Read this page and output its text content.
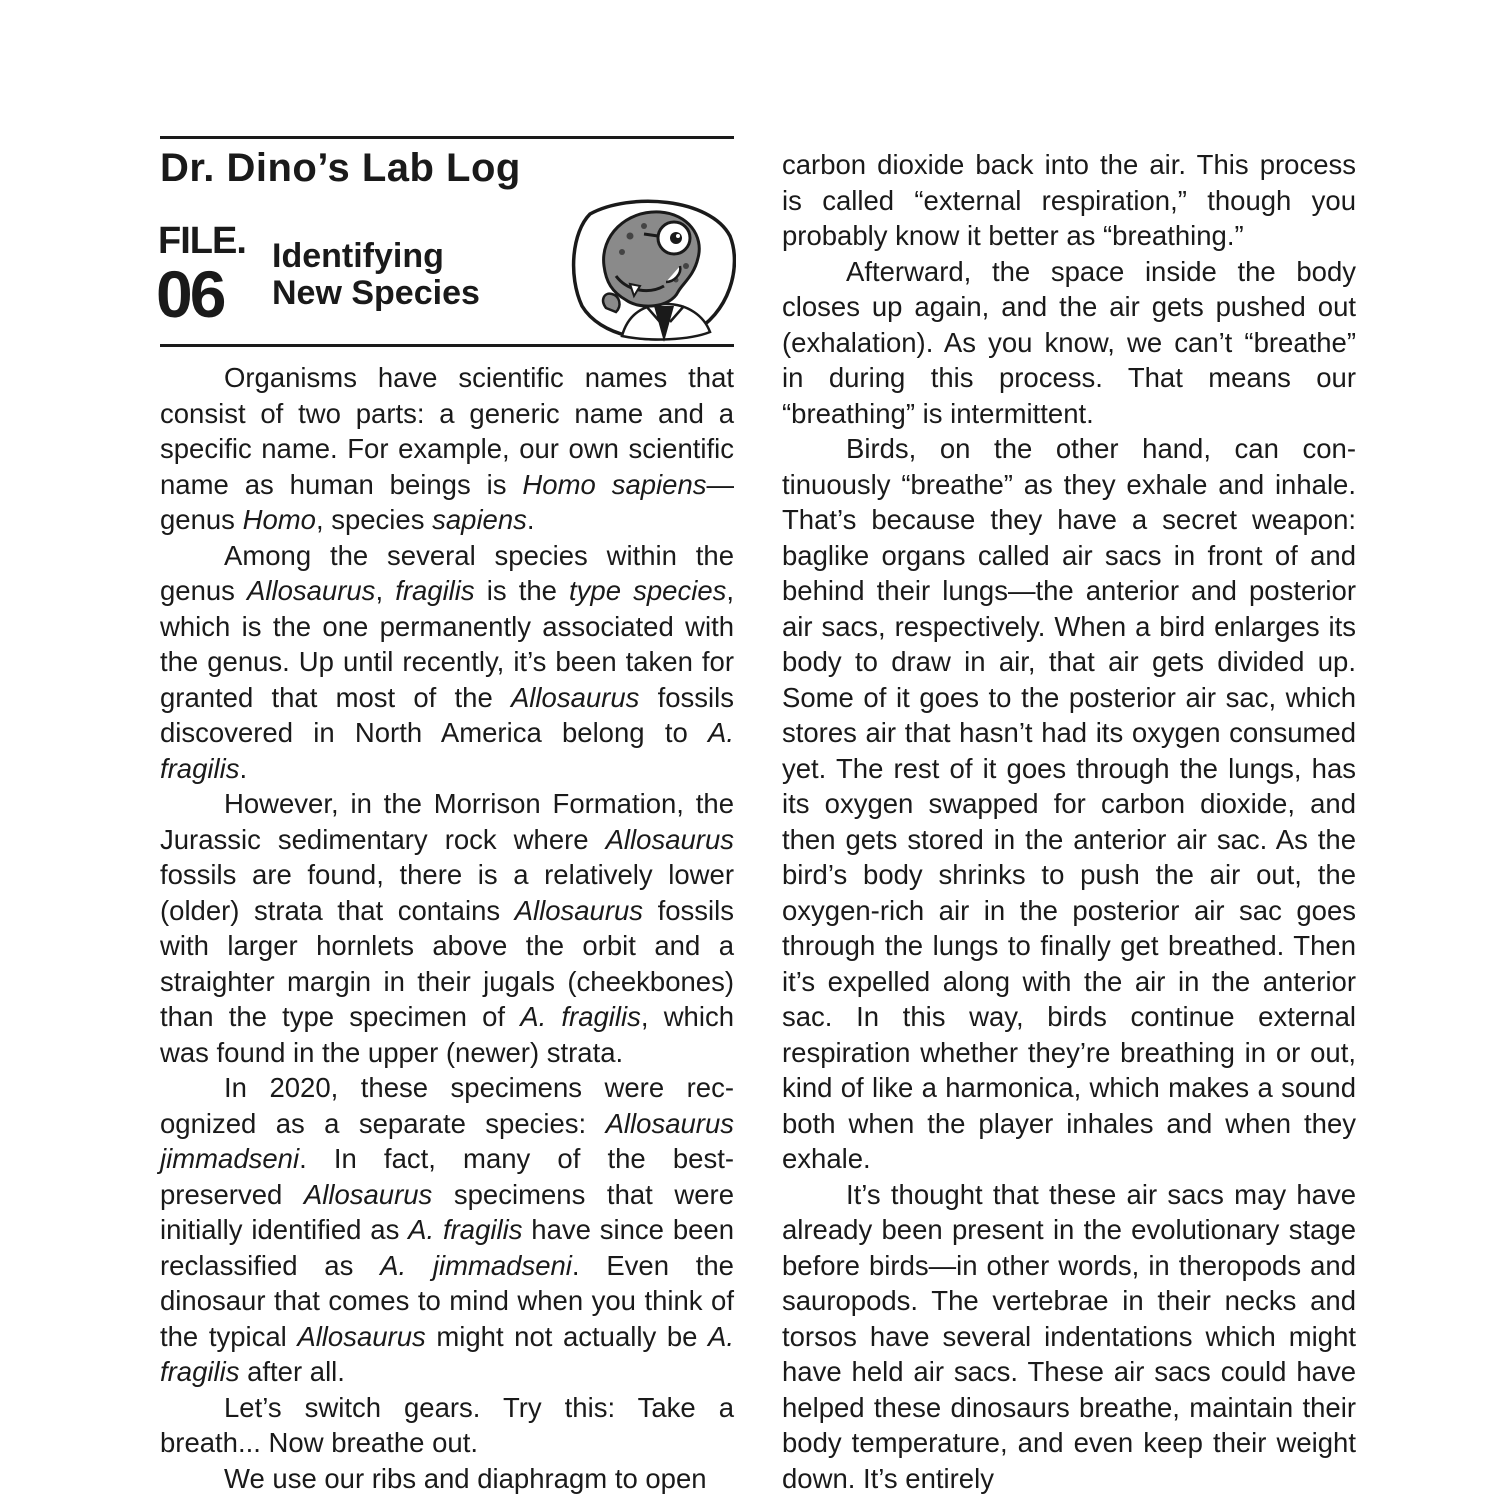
Dr. Dino’s Lab Log
FILE.
06
Identifying
New Species

Organisms have scientific names that consist of two parts: a generic name and a specific name. For example, our own scientific name as human beings is Homo sapiens—genus Homo, species sapiens.

Among the several species within the genus Allosaurus, fragilis is the type species, which is the one permanently associated with the genus. Up until recently, it’s been taken for granted that most of the Allosaurus fossils discovered in North America belong to A. fragilis.

However, in the Morrison Formation, the Jurassic sedimentary rock where Allosaurus fossils are found, there is a relatively lower (older) strata that contains Allosaurus fossils with larger hornlets above the orbit and a straighter margin in their jugals (cheekbones) than the type specimen of A. fragilis, which was found in the upper (newer) strata.

In 2020, these specimens were recognized as a separate species: Allosaurus jimmadseni. In fact, many of the best-preserved Allosaurus specimens that were initially identified as A. fragilis have since been reclassified as A. jimmadseni. Even the dinosaur that comes to mind when you think of the typical Allosaurus might not actually be A. fragilis after all.

Let’s switch gears. Try this: Take a breath... Now breathe out.

We use our ribs and diaphragm to open

carbon dioxide back into the air. This process is called “external respiration,” though you probably know it better as “breathing.”

Afterward, the space inside the body closes up again, and the air gets pushed out (exhalation). As you know, we can’t “breathe” in during this process. That means our “breathing” is intermittent.

Birds, on the other hand, can continuously “breathe” as they exhale and inhale. That’s because they have a secret weapon: baglike organs called air sacs in front of and behind their lungs—the anterior and posterior air sacs, respectively. When a bird enlarges its body to draw in air, that air gets divided up. Some of it goes to the posterior air sac, which stores air that hasn’t had its oxygen consumed yet. The rest of it goes through the lungs, has its oxygen swapped for carbon dioxide, and then gets stored in the anterior air sac. As the bird’s body shrinks to push the air out, the oxygen-rich air in the posterior air sac goes through the lungs to finally get breathed. Then it’s expelled along with the air in the anterior sac. In this way, birds continue external respiration whether they’re breathing in or out, kind of like a harmonica, which makes a sound both when the player inhales and when they exhale.

It’s thought that these air sacs may have already been present in the evolutionary stage before birds—in other words, in theropods and sauropods. The vertebrae in their necks and torsos have several indentations which might have held air sacs. These air sacs could have helped these dinosaurs breathe, maintain their body temperature, and even keep their weight down. It’s entirely
